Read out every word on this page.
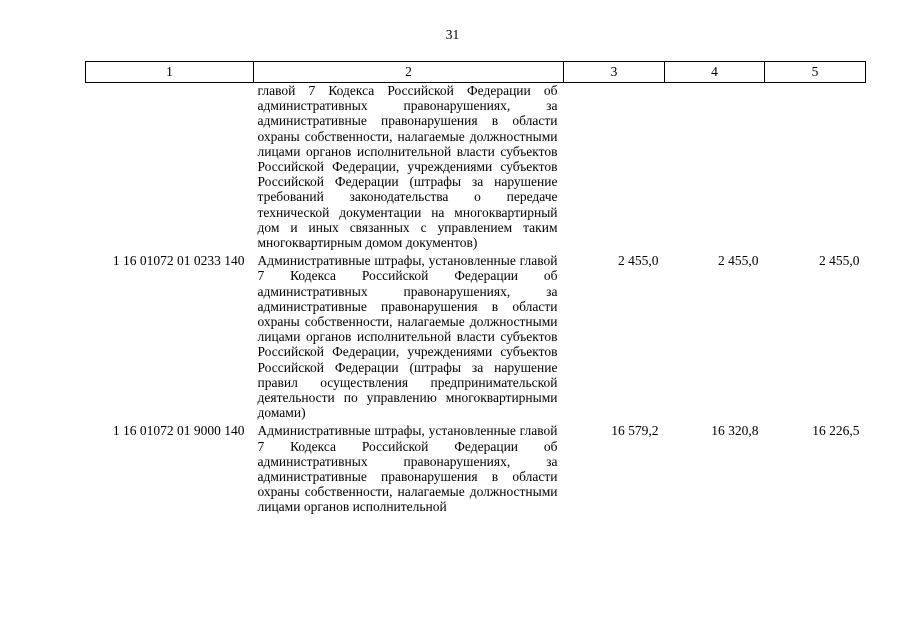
31
1	2	3	4	5
	главой 7 Кодекса Российской Федерации об административных правонарушениях, за административные правонарушения в области охраны собственности, налагаемые должностными лицами органов исполнительной власти субъектов Российской Федерации, учреждениями субъектов Российской Федерации (штрафы за нарушение требований законодательства о передаче технической документации на многоквартирный дом и иных связанных с управлением таким многоквартирным домом документов)			
1 16 01072 01 0233 140	Административные штрафы, установленные главой 7 Кодекса Российской Федерации об административных правонарушениях, за административные правонарушения в области охраны собственности, налагаемые должностными лицами органов исполнительной власти субъектов Российской Федерации, учреждениями субъектов Российской Федерации (штрафы за нарушение правил осуществления предпринимательской деятельности по управлению многоквартирными домами)	2 455,0	2 455,0	2 455,0
1 16 01072 01 9000 140	Административные штрафы, установленные главой 7 Кодекса Российской Федерации об административных правонарушениях, за административные правонарушения в области охраны собственности, налагаемые должностными лицами органов исполнительной	16 579,2	16 320,8	16 226,5
